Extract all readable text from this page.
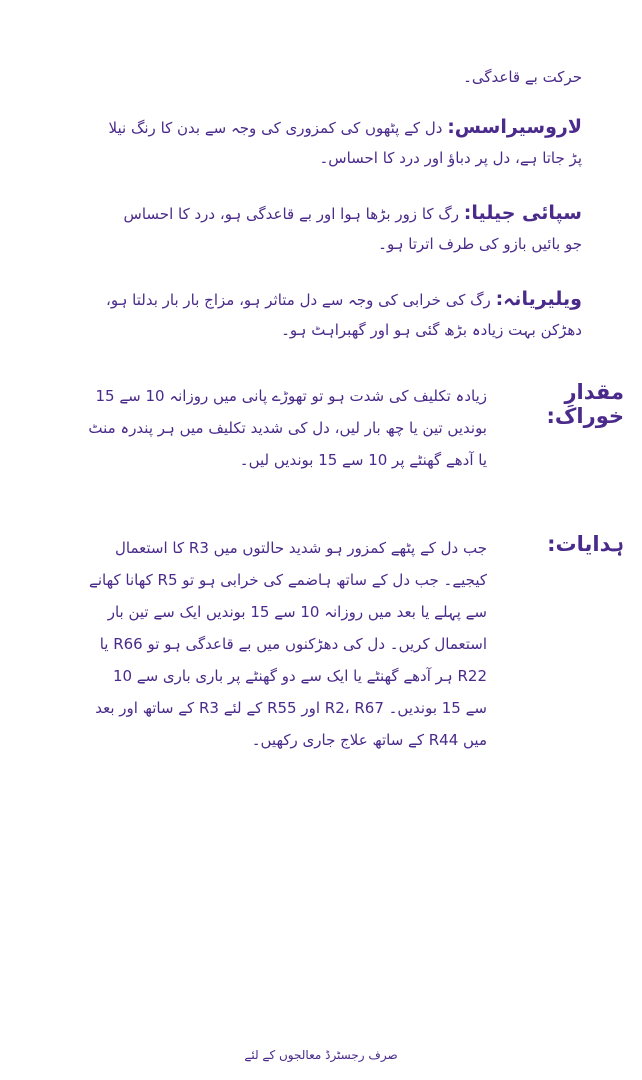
حرکت بے قاعدگی۔
لاروسیراسس: دل کے پٹھوں کی کمزوری کی وجہ سے بدن کا رنگ نیلا پڑ جاتا ہے، دل پر دباؤ اور درد کا احساس۔
سپائی جیلیا: رگ کا زور بڑھا ہوا اور بے قاعدگی ہو، درد کا احساس جو بائیں بازو کی طرف اترتا ہو۔
ویلیریانہ: رگ کی خرابی کی وجہ سے دل متاثر ہو، مزاج بار بار بدلتا ہو، دھڑکن بہت زیادہ بڑھ گئی ہو اور گھبراہٹ ہو۔
مقدارِ خوراک:
زیادہ تکلیف کی شدت ہو تو تھوڑے پانی میں روزانہ 10 سے 15 بوندیں تین یا چھ بار لیں، دل کی شدید تکلیف میں ہر پندرہ منٹ یا آدھے گھنٹے پر 10 سے 15 بوندیں لیں۔
ہدایات:
جب دل کے پٹھے کمزور ہو شدید حالتوں میں R3 کا استعمال کیجیے۔ جب دل کے ساتھ ہاضمے کی خرابی ہو تو R5 کھانا کھانے سے پہلے یا بعد میں روزانہ 10 سے 15 بوندیں ایک سے تین بار استعمال کریں۔ دل کی دھڑکنوں میں بے قاعدگی ہو تو R66 یا R22 ہر آدھے گھنٹے یا ایک سے دو گھنٹے پر باری باری سے 10 سے 15 بوندیں۔ R2، R67 اور R55 کے لئے R3 کے ساتھ اور بعد میں R44 کے ساتھ علاج جاری رکھیں۔
صرف رجسٹرڈ معالجوں کے لئے
